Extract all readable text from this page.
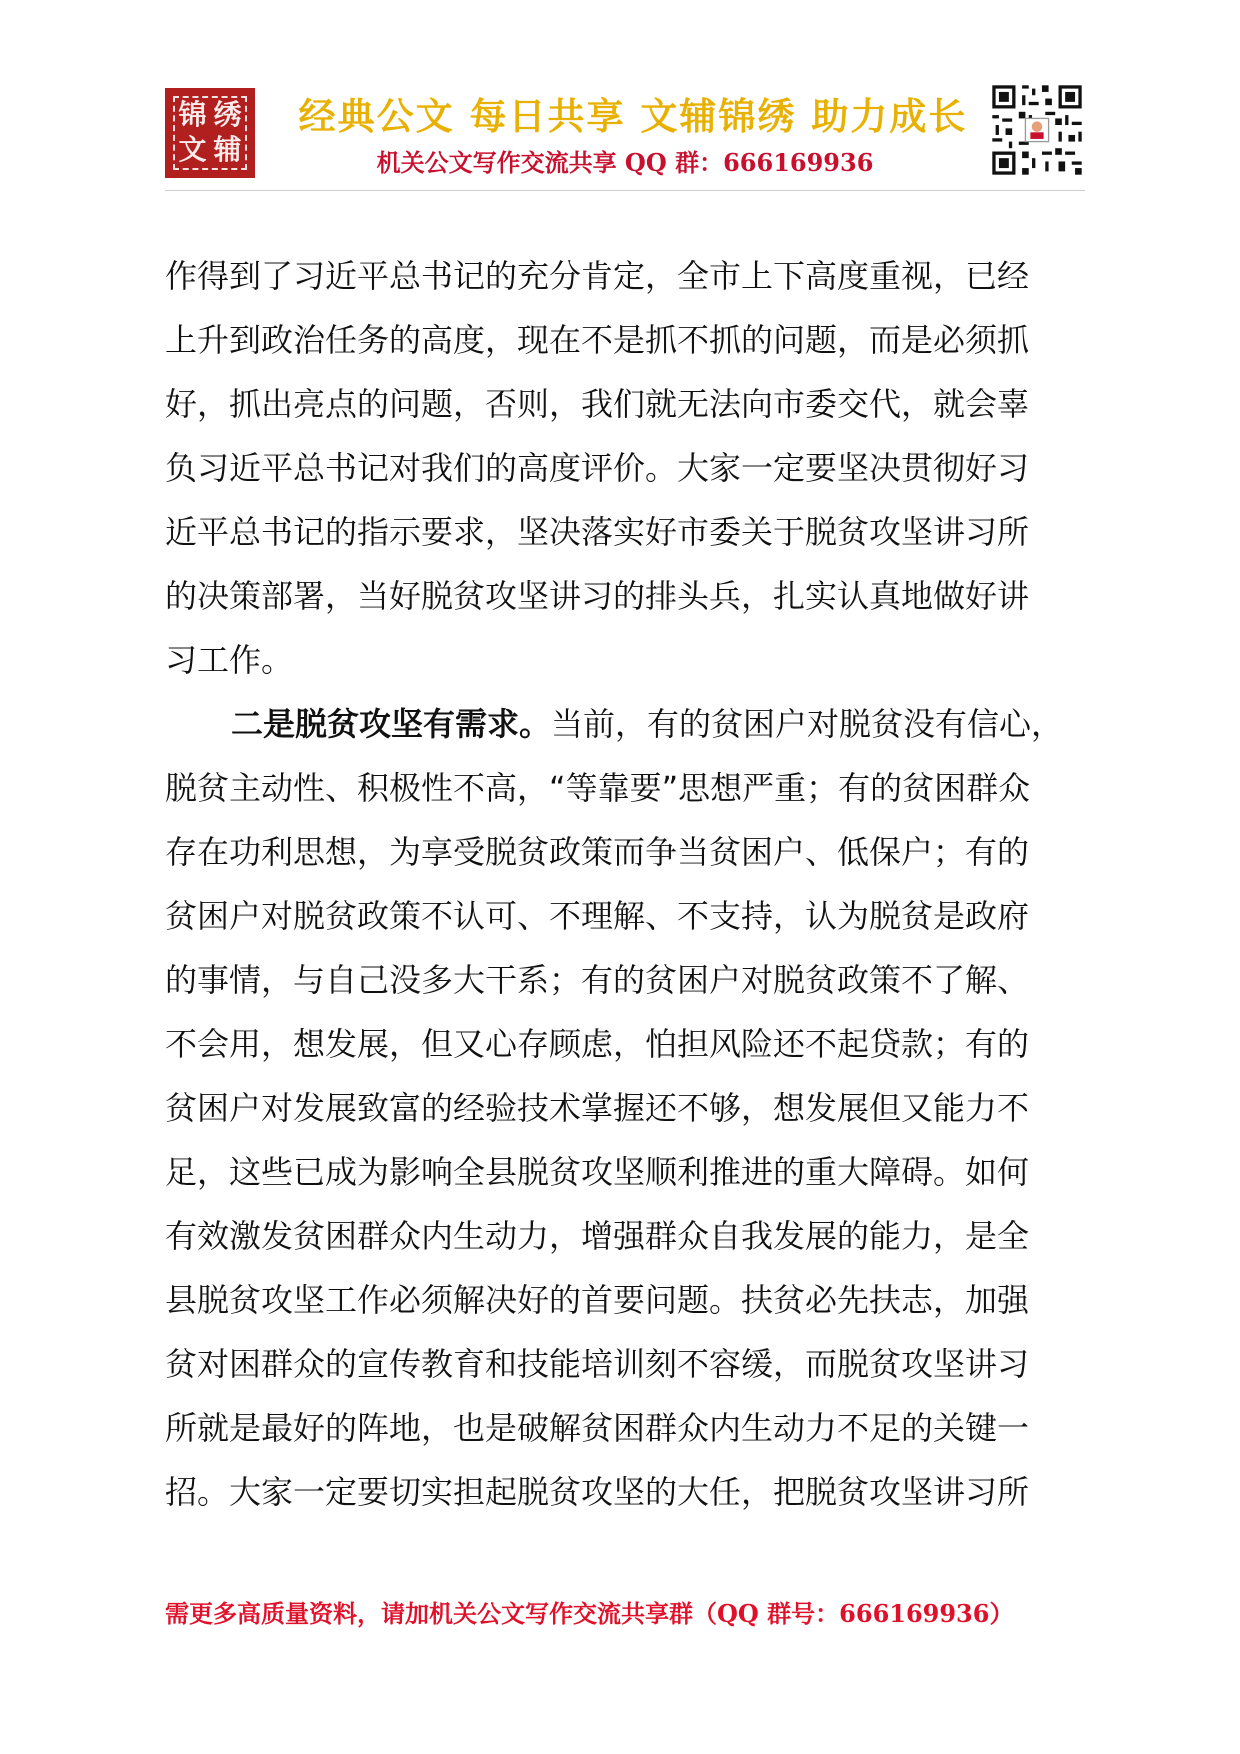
锦 绣
文 辅
经典公文 每日共享 文辅锦绣 助力成长
机关公文写作交流共享 QQ 群：666169936
作得到了习近平总书记的充分肯定，全市上下高度重视，已经
上升到政治任务的高度，现在不是抓不抓的问题，而是必须抓
好，抓出亮点的问题，否则，我们就无法向市委交代，就会辜
负习近平总书记对我们的高度评价。大家一定要坚决贯彻好习
近平总书记的指示要求，坚决落实好市委关于脱贫攻坚讲习所
的决策部署，当好脱贫攻坚讲习的排头兵，扎实认真地做好讲
习工作。
二是脱贫攻坚有需求。当前，有的贫困户对脱贫没有信心，
脱贫主动性、积极性不高，“等靠要”思想严重；有的贫困群众
存在功利思想，为享受脱贫政策而争当贫困户、低保户；有的
贫困户对脱贫政策不认可、不理解、不支持，认为脱贫是政府
的事情，与自己没多大干系；有的贫困户对脱贫政策不了解、
不会用，想发展，但又心存顾虑，怕担风险还不起贷款；有的
贫困户对发展致富的经验技术掌握还不够，想发展但又能力不
足，这些已成为影响全县脱贫攻坚顺利推进的重大障碍。如何
有效激发贫困群众内生动力，增强群众自我发展的能力，是全
县脱贫攻坚工作必须解决好的首要问题。扶贫必先扶志，加强
贫对困群众的宣传教育和技能培训刻不容缓，而脱贫攻坚讲习
所就是最好的阵地，也是破解贫困群众内生动力不足的关键一
招。大家一定要切实担起脱贫攻坚的大任，把脱贫攻坚讲习所
需更多高质量资料，请加机关公文写作交流共享群（QQ 群号：666169936）
